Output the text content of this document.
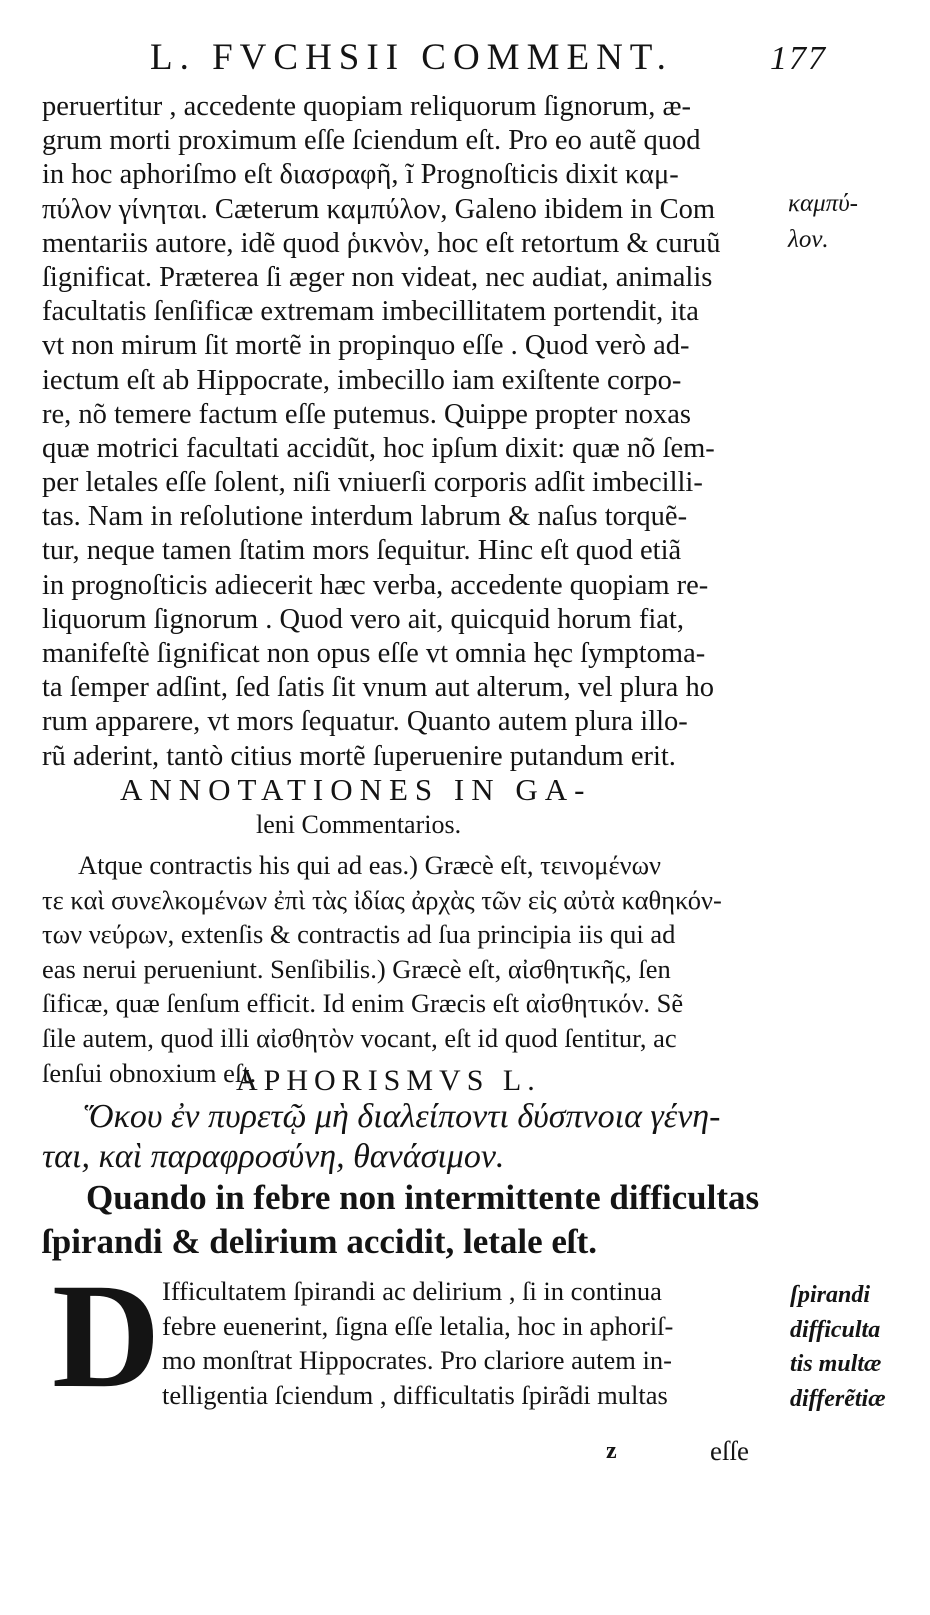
L. FVCHSII COMMENT.	177
peruertitur , accedente quopiam reliquorum ſignorum, æ-
grum morti proximum eſſe ſciendum eſt. Pro eo autẽ quod
in hoc aphoriſmo eſt διασραφῆ, ĩ Prognoſticis dixit καμ-
πύλον γίνηται. Cæterum καμπύλον, Galeno ibidem in Com
mentariis autore, idẽ quod ῥικνὸν, hoc eſt retortum & curuũ
ſignificat. Præterea ſi æger non videat, nec audiat, animalis
facultatis ſenſificæ extremam imbecillitatem portendit, ita
vt non mirum ſit mortẽ in propinquo eſſe . Quod verò ad-
iectum eſt ab Hippocrate, imbecillo iam exiſtente corpo-
re, nõ temere factum eſſe putemus. Quippe propter noxas
quæ motrici facultati accidũt, hoc ipſum dixit: quæ nõ ſem-
per letales eſſe ſolent, niſi vniuerſi corporis adſit imbecilli-
tas. Nam in reſolutione interdum labrum & naſus torquẽ-
tur, neque tamen ſtatim mors ſequitur. Hinc eſt quod etiã
in prognoſticis adiecerit hæc verba, accedente quopiam re-
liquorum ſignorum . Quod vero ait, quicquid horum fiat,
manifeſtè ſignificat non opus eſſe vt omnia hęc ſymptoma-
ta ſemper adſint, ſed ſatis ſit vnum aut alterum, vel plura ho
rum apparere, vt mors ſequatur. Quanto autem plura illo-
rũ aderint, tantò citius mortẽ ſuperuenire putandum erit.
καμπύ-
λον.
ANNOTATIONES IN GA-
leni Commentarios.
Atque contractis his qui ad eas.) Græcè eſt, τεινομένων
τε καὶ συνελκομένων ἐπὶ τὰς ἰδίας ἀρχὰς τῶν εἰς αὐτὰ καθηκόν-
των νεύρων, extenſis & contractis ad ſua principia iis qui ad
eas nerui perueniunt. Senſibilis.) Græcè eſt, αἰσθητικῆς, ſen
ſificæ, quæ ſenſum efficit. Id enim Græcis eſt αἰσθητικόν. Sẽ
ſile autem, quod illi αἰσθητὸν vocant, eſt id quod ſentitur, ac
ſenſui obnoxium eſt.
APHORISMVS L.
Ὅκου ἐν πυρετῷ μὴ διαλείποντι δύσπνοια γένη-
ται, καὶ παραφροσύνη, θανάσιμον.
Quando in febre non intermittente difficultas
ſpirandi & delirium accidit, letale eſt.
D Ifficultatem ſpirandi ac delirium , ſi in continua
febre euenerint, ſigna eſſe letalia, hoc in aphoriſ-
mo monſtrat Hippocrates. Pro clariore autem in-
telligentia ſciendum , difficultatis ſpirãdi multas
ſpirandi
difficulta
tis multæ
differẽtiæ
z	eſſe
